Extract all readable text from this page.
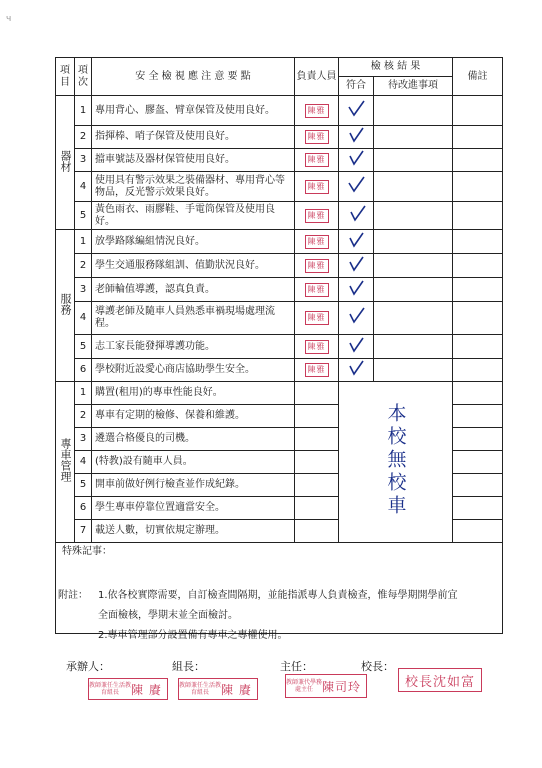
ч
項目	項次	安 全 檢 視 應 注 意 要 點	負責人員	檢 核 結 果		備註
				符合	待改進事項	
器材	1	專用背心、膠盔、臂章保管及使用良好。	陳雅			
	2	指揮棒、哨子保管及使用良好。	陳雅			
	3	擋車號誌及器材保管使用良好。	陳雅			
	4	使用具有警示效果之裝備器材、專用背心等物品，反光警示效果良好。	陳雅			
	5	黃色雨衣、雨膠鞋、手電筒保管及使用良好。	陳雅			
服務	1	放學路隊編組情況良好。	陳雅			
	2	學生交通服務隊組訓、值勤狀況良好。	陳雅			
	3	老師輪值導護，認真負責。	陳雅			
	4	導護老師及隨車人員熟悉車禍現場處理流程。	陳雅			
	5	志工家長能發揮導護功能。	陳雅			
	6	學校附近設愛心商店協助學生安全。	陳雅			
專車管理	1	購置(租用)的專車性能良好。		本校無校車		
	2	專車有定期的檢修、保養和維護。				
	3	遴選合格優良的司機。				
	4	(特教)設有隨車人員。				
	5	開車前做好例行檢查並作成紀錄。				
	6	學生專車停靠位置適當安全。				
	7	載送人數，切實依規定辦理。				
特殊記事：						
附註：	1.依各校實際需要，自訂檢查間隔期，並能指派專人負責檢查，惟每學期開學前宜
全面檢核，學期末並全面檢討。
2.專車管理部分設置備有專車之專權使用。
承辦人：	組長：	主任：	校長：
教師兼任生活教育組長	陳 賡	教師兼任生活教育組長	陳 賡	教師兼代學務處主任 陳司玲	校長沈如富
